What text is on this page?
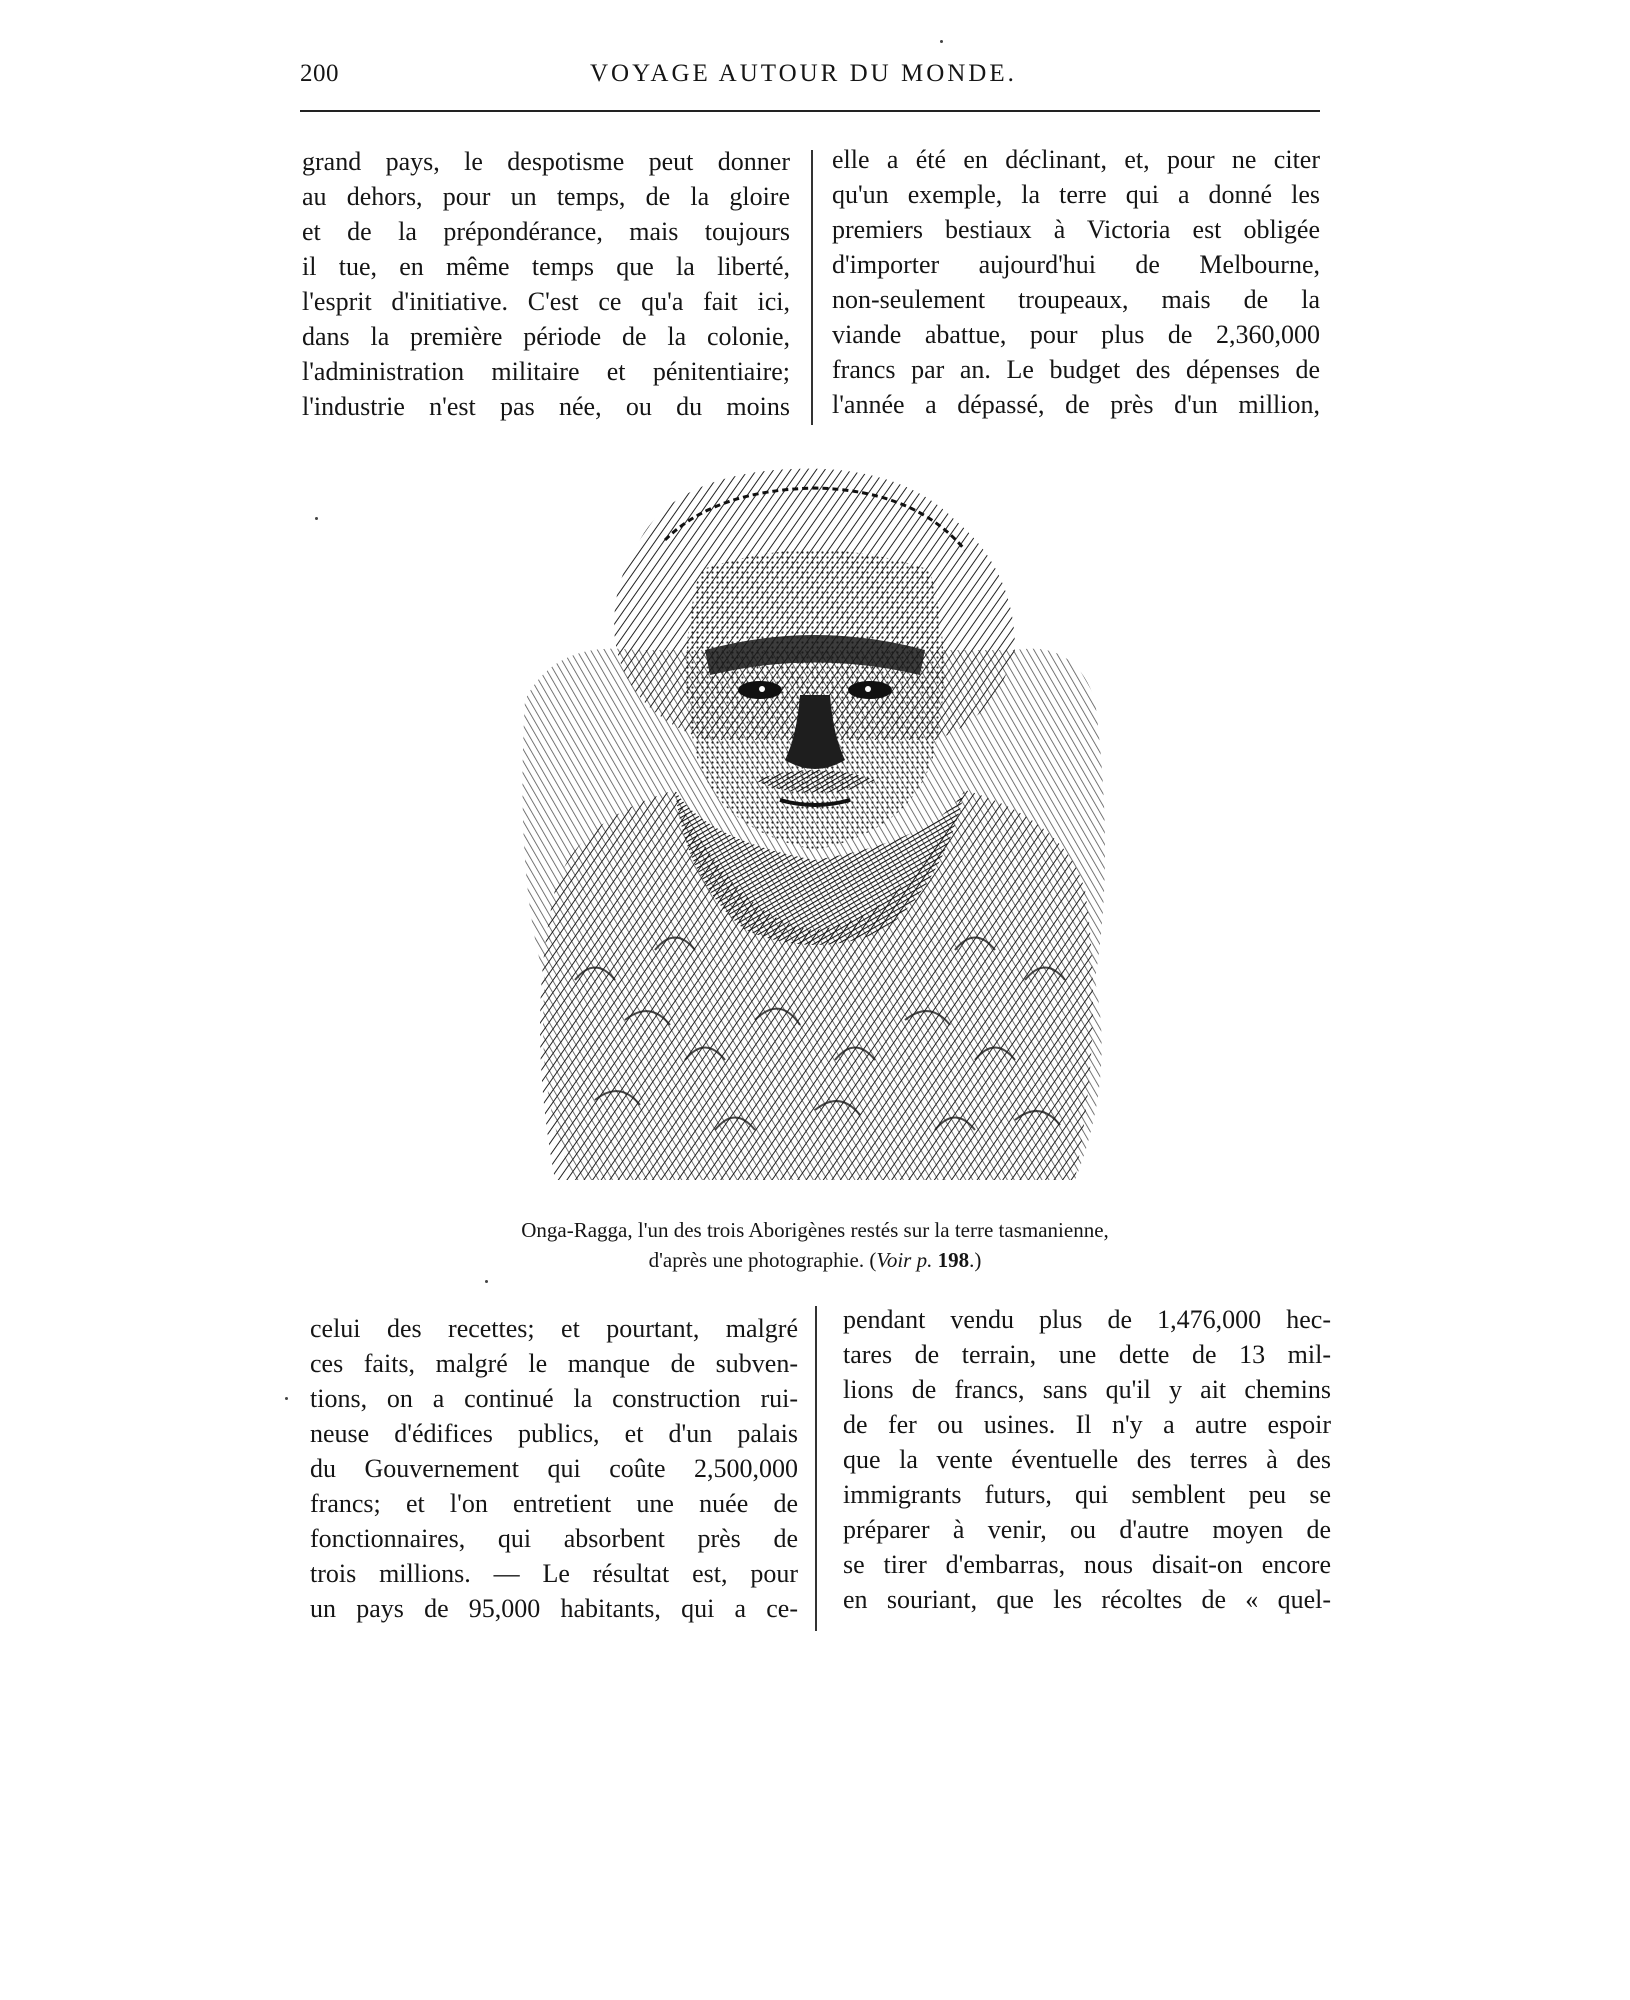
200	VOYAGE AUTOUR DU MONDE.
grand pays, le despotisme peut donner
au dehors, pour un temps, de la gloire
et de la prépondérance, mais toujours
il tue, en même temps que la liberté,
l'esprit d'initiative. C'est ce qu'a fait ici,
dans la première période de la colonie,
l'administration militaire et pénitentiaire;
l'industrie n'est pas née, ou du moins
elle a été en déclinant, et, pour ne citer
qu'un exemple, la terre qui a donné les
premiers bestiaux à Victoria est obligée
d'importer aujourd'hui de Melbourne,
non-seulement troupeaux, mais de la
viande abattue, pour plus de 2,360,000
francs par an. Le budget des dépenses de
l'année a dépassé, de près d'un million,
Onga-Ragga, l'un des trois Aborigènes restés sur la terre tasmanienne,
d'après une photographie. (Voir p. 198.)
celui des recettes; et pourtant, malgré
ces faits, malgré le manque de subven-
tions, on a continué la construction rui-
neuse d'édifices publics, et d'un palais
du Gouvernement qui coûte 2,500,000
francs; et l'on entretient une nuée de
fonctionnaires, qui absorbent près de
trois millions. — Le résultat est, pour
un pays de 95,000 habitants, qui a ce-
pendant vendu plus de 1,476,000 hec-
tares de terrain, une dette de 13 mil-
lions de francs, sans qu'il y ait chemins
de fer ou usines. Il n'y a autre espoir
que la vente éventuelle des terres à des
immigrants futurs, qui semblent peu se
préparer à venir, ou d'autre moyen de
se tirer d'embarras, nous disait-on encore
en souriant, que les récoltes de « quel-
